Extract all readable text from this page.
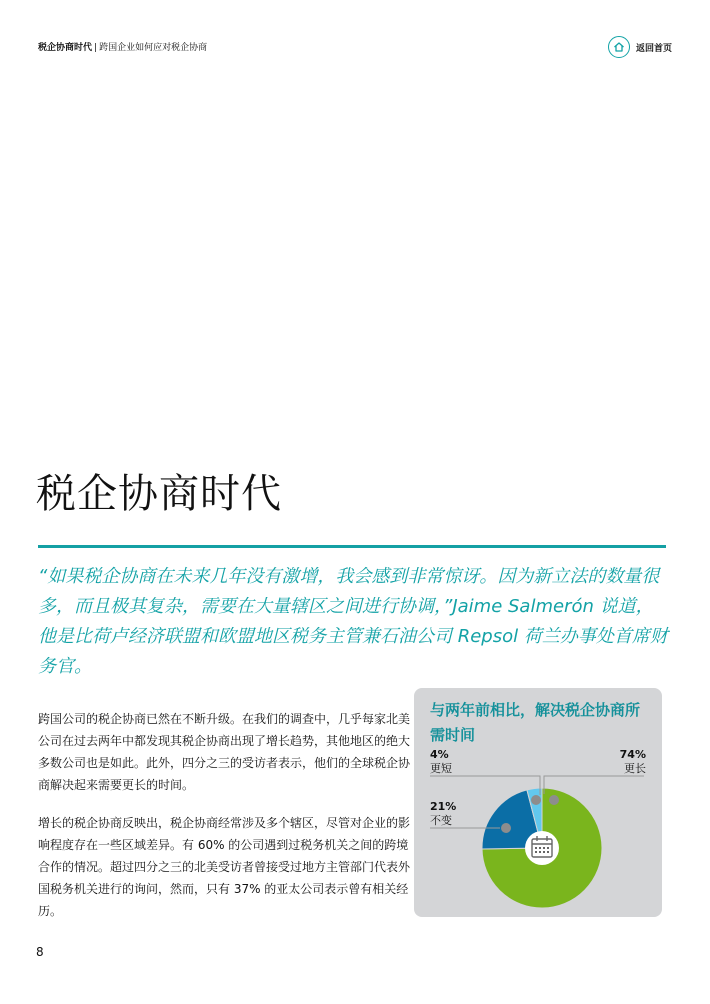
税企协商时代 | 跨国企业如何应对税企协商	返回首页
税企协商时代
“如果税企协商在未来几年没有激增，我会感到非常惊讶。因为新立法的数量很多，而且极其复杂，需要在大量辖区之间进行协调，”Jaime Salmerón 说道，他是比荷卢经济联盟和欧盟地区税务主管兼石油公司 Repsol 荷兰办事处首席财务官。

跨国公司的税企协商已然在不断升级。在我们的调查中，几乎每家北美公司在过去两年中都发现其税企协商出现了增长趋势，其他地区的绝大多数公司也是如此。此外，四分之三的受访者表示，他们的全球税企协商解决起来需要更长的时间。

增长的税企协商反映出，税企协商经常涉及多个辖区，尽管对企业的影响程度存在一些区域差异。有 60% 的公司遇到过税务机关之间的跨境合作的情况。超过四分之三的北美受访者曾接受过地方主管部门代表外国税务机关进行的询问，然而，只有 37% 的亚太公司表示曾有相关经历。

与两年前相比，解决税企协商所需时间
4%
更短
74%
更长
21%
不变
8
